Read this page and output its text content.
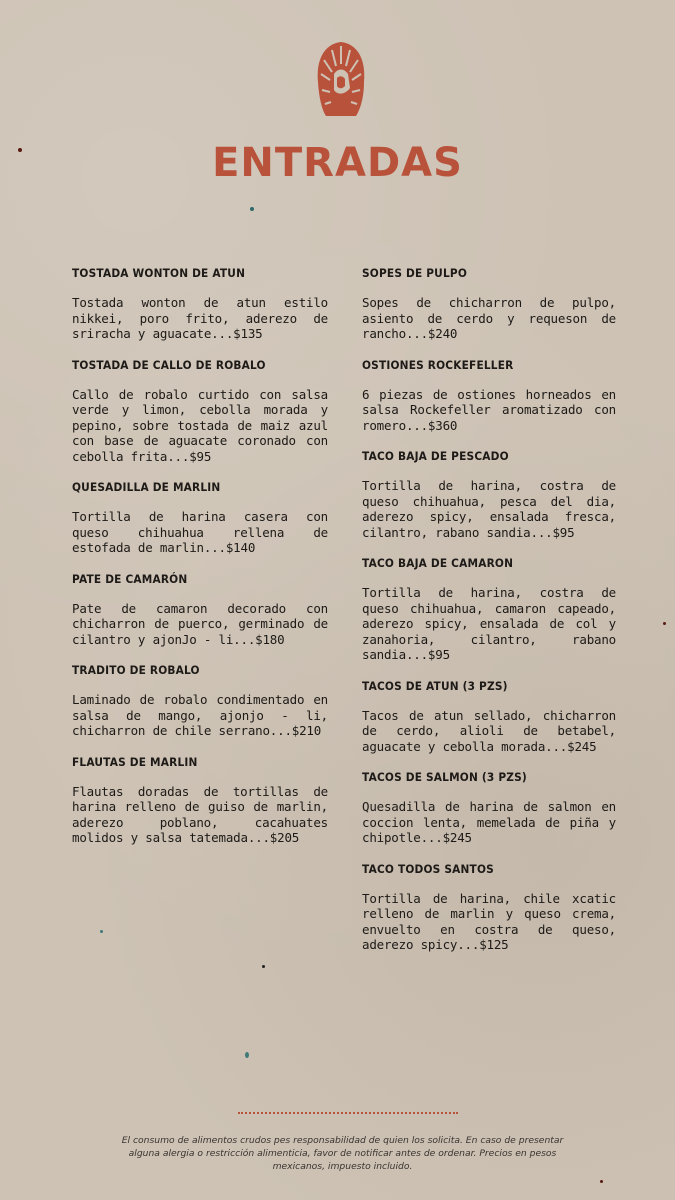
ENTRADAS
TOSTADA WONTON DE ATUN
Tostada wonton de atun estilo nikkei, poro frito, aderezo de sriracha y aguacate...$135
TOSTADA DE CALLO DE ROBALO
Callo de robalo curtido con salsa verde y limon, cebolla morada y pepino, sobre tostada de maiz azul con base de aguacate coronado con cebolla frita...$95
QUESADILLA DE MARLIN
Tortilla de harina casera con queso chihuahua rellena de estofada de marlin...$140
PATE DE CAMARÓN
Pate de camaron decorado con chicharron de puerco, germinado de cilantro y ajonJo - li...$180
TRADITO DE ROBALO
Laminado de robalo condimentado en salsa de mango, ajonjo - li, chicharron de chile serrano...$210
FLAUTAS DE MARLIN
Flautas doradas de tortillas de harina relleno de guiso de marlin, aderezo poblano, cacahuates molidos y salsa tatemada...$205
SOPES DE PULPO
Sopes de chicharron de pulpo, asiento de cerdo y requeson de rancho...$240
OSTIONES ROCKEFELLER
6 piezas de ostiones horneados en salsa Rockefeller aromatizado con romero...$360
TACO BAJA DE PESCADO
Tortilla de harina, costra de queso chihuahua, pesca del dia, aderezo spicy, ensalada fresca, cilantro, rabano sandia...$95
TACO BAJA DE CAMARON
Tortilla de harina, costra de queso chihuahua, camaron capeado, aderezo spicy, ensalada de col y zanahoria, cilantro, rabano sandia...$95
TACOS DE ATUN (3 PZS)
Tacos de atun sellado, chicharron de cerdo, alioli de betabel, aguacate y cebolla morada...$245
TACOS DE SALMON (3 PZS)
Quesadilla de harina de salmon en coccion lenta, memelada de piña y chipotle...$245
TACO TODOS SANTOS
Tortilla de harina, chile xcatic relleno de marlin y queso crema, envuelto en costra de queso, aderezo spicy...$125
El consumo de alimentos crudos pes responsabilidad de quien los solicita. En caso de presentar alguna alergia o restricción alimenticia, favor de notificar antes de ordenar. Precios en pesos mexicanos, impuesto incluido.
